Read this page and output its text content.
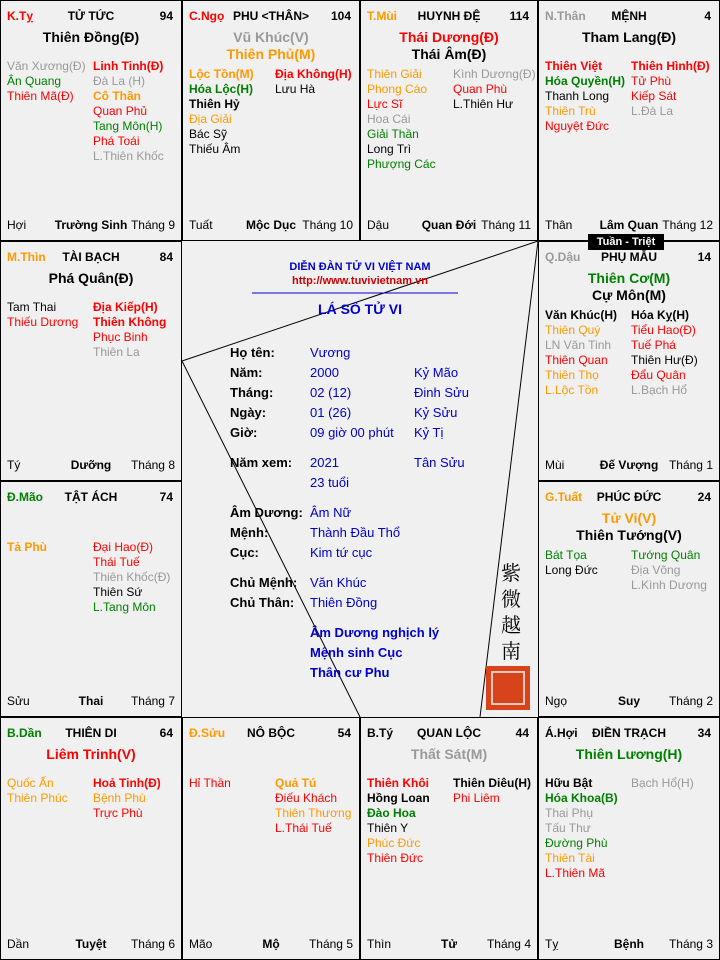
TỬ TỨC
K.Tỵ	94
Thiên Đồng(Đ)
Văn Xương(Đ)
Ân Quang
Thiên Mã(Đ)
Linh Tinh(Đ)
Đà La (H)
Cô Thần
Quan Phủ
Tang Môn(H)
Phá Toái
L.Thiên Khốc
Trường Sinh
Hợi	Tháng 9
PHU <THÂN>
C.Ngọ	104
Vũ Khúc(V)
Thiên Phủ(M)
Lộc Tồn(M)
Hóa Lộc(H)
Thiên Hỷ
Địa Giải
Bác Sỹ
Thiếu Âm
Địa Không(H)
Lưu Hà
Mộc Dục
Tuất	Tháng 10
HUYNH ĐỆ
T.Mùi	114
Thái Dương(Đ)
Thái Âm(Đ)
Thiên Giải
Phong Cáo
Lực Sĩ
Hoa Cái
Giải Thần
Long Trì
Phượng Các
Kình Dương(Đ)
Quan Phù
L.Thiên Hư
Quan Đới
Dậu	Tháng 11
MỆNH
N.Thân	4
Tham Lang(Đ)
Thiên Việt
Hóa Quyền(H)
Thanh Long
Thiên Trù
Nguyệt Đức
Thiên Hình(Đ)
Tử Phù
Kiếp Sát
L.Đà La
Lâm Quan
Thân	Tháng 12
TÀI BẠCH
M.Thìn	84
Phá Quân(Đ)
Tam Thai
Thiếu Dương
Địa Kiếp(H)
Thiên Không
Phục Binh
Thiên La
Dưỡng
Tý	Tháng 8
PHỤ MẪU
Q.Dậu	14
Thiên Cơ(M)
Cự Môn(M)
Văn Khúc(H)
Thiên Quý
LN Văn Tinh
Thiên Quan
Thiên Thọ
L.Lộc Tồn
Hóa Kỵ(H)
Tiểu Hao(Đ)
Tuế Phá
Thiên Hư(Đ)
Đẩu Quân
L.Bạch Hổ
Đế Vượng
Mùi	Tháng 1
TẬT ÁCH
Đ.Mão	74
Tả Phù	Đại Hao(Đ)
Thái Tuế
Thiên Khốc(Đ)
Thiên Sứ
L.Tang Môn
Thai
Sửu	Tháng 7
PHÚC ĐỨC
G.Tuất	24
Tử Vi(V)
Thiên Tướng(V)
Bát Tọa
Long Đức
Tướng Quân
Địa Võng
L.Kình Dương
Suy
Ngọ	Tháng 2
THIÊN DI
B.Dần	64
Liêm Trinh(V)
Quốc Ấn
Thiên Phúc
Hoả Tinh(Đ)
Bệnh Phù
Trực Phù
Tuyệt
Dần	Tháng 6
NÔ BỘC
Đ.Sửu	54
Hỉ Thần	Quả Tú
Điếu Khách
Thiên Thương
L.Thái Tuế
Mộ
Mão	Tháng 5
QUAN LỘC
B.Tý	44
Thất Sát(M)
Thiên Khôi
Hồng Loan
Đào Hoa
Thiên Y
Phúc Đức
Thiên Đức
Thiên Diêu(H)
Phi Liêm
Tử
Thìn	Tháng 4
ĐIỀN TRẠCH
Á.Hợi	34
Thiên Lương(H)
Hữu Bật
Hóa Khoa(B)
Thai Phụ
Tấu Thư
Đường Phù
Thiên Tài
L.Thiên Mã
Bạch Hổ(H)
Bệnh
Tỵ	Tháng 3
DIỄN ĐÀN TỬ VI VIỆT NAM
http://www.tuvivietnam.vn
LÁ SỐ TỬ VI
Họ tên:	Vương
Năm:	2000	Kỷ Mão
Tháng:	02 (12)	Đinh Sửu
Ngày:	01 (26)	Kỷ Sửu
Giờ:	09 giờ 00 phút Kỷ Tị
Năm xem: 2021	Tân Sửu
23 tuổi
Âm Dương: Âm Nữ
Mệnh:	Thành Đầu Thổ
Cục:	Kim tứ cục
Chủ Mệnh: Văn Khúc
Chủ Thân: Thiên Đồng
Âm Dương nghịch lý
Mệnh sinh Cục
Thân cư Phu
紫
微
越
南
Tuần - Triệt
